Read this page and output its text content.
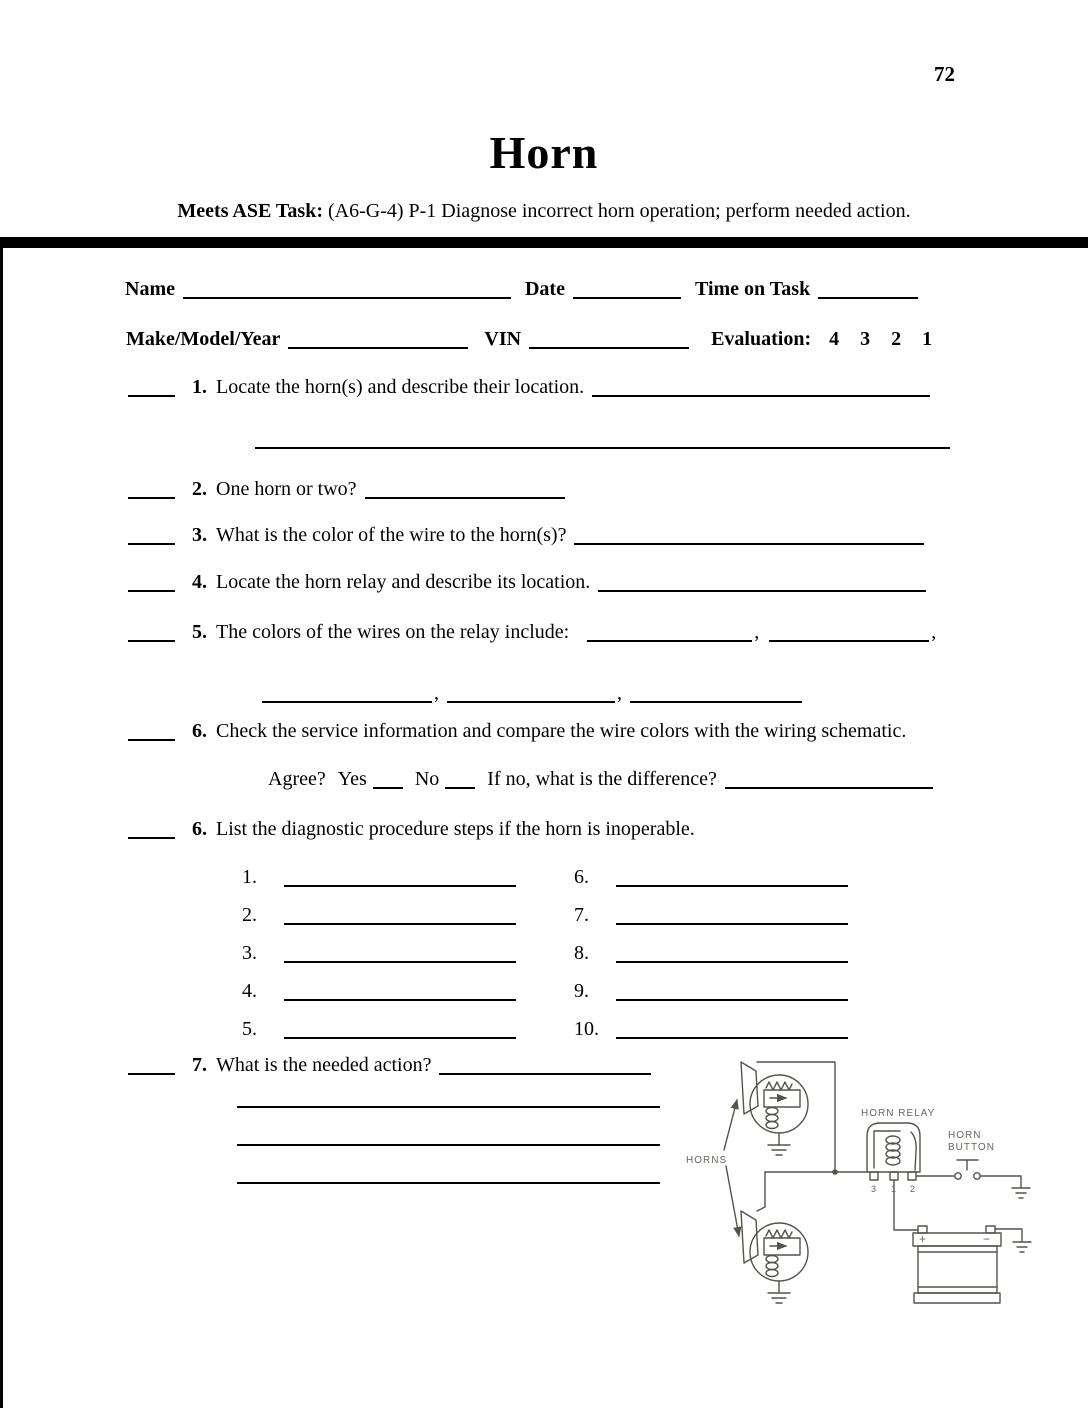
72
Horn
Meets ASE Task: (A6-G-4) P-1 Diagnose incorrect horn operation; perform needed action.
Name	Date	Time on Task
Make/Model/Year	VIN	Evaluation: 4 3 2 1
1. Locate the horn(s) and describe their location.
2. One horn or two?
3. What is the color of the wire to the horn(s)?
4. Locate the horn relay and describe its location.
5. The colors of the wires on the relay include:	,	,
,	,
6. Check the service information and compare the wire colors with the wiring schematic.
Agree? Yes No If no, what is the difference?
6. List the diagnostic procedure steps if the horn is inoperable.
1.
2.
3.
4.
5.
6.
7.
8.
9.
10.
7. What is the needed action?
HORNS
HORN RELAY
HORN
BUTTON
3 1 2
+	−
